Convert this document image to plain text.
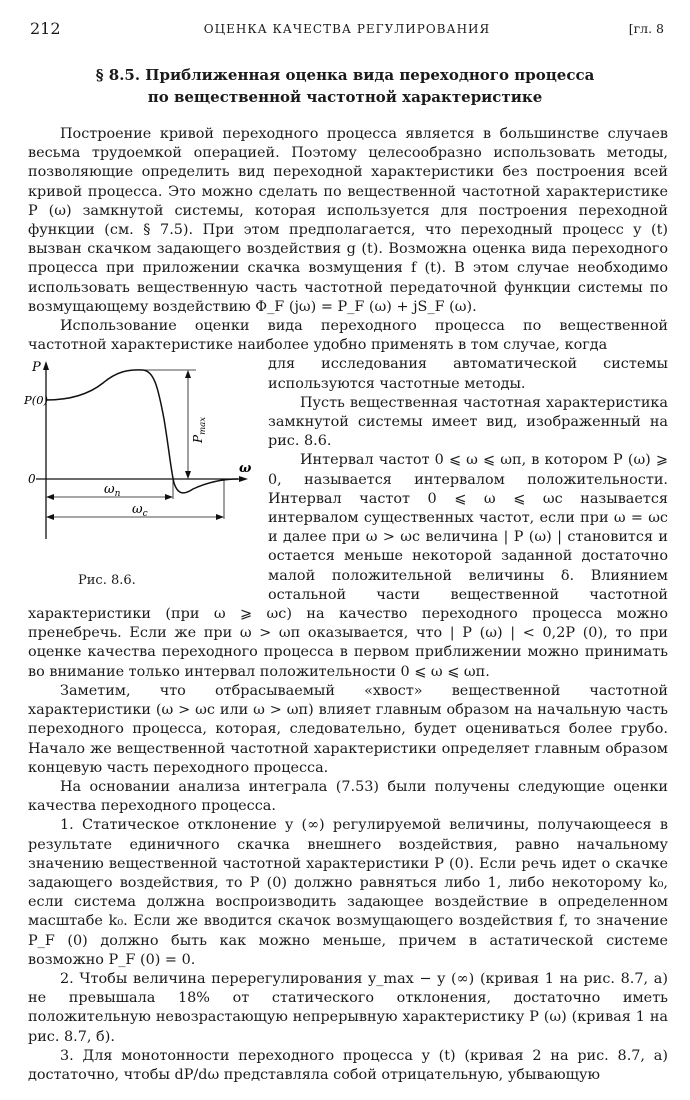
212	ОЦЕНКА КАЧЕСТВА РЕГУЛИРОВАНИЯ	[гл. 8
§ 8.5. Приближенная оценка вида переходного процесса
по вещественной частотной характеристике

Построение кривой переходного процесса является в большинстве случаев весьма трудоемкой операцией. Поэтому целесообразно использовать методы, позволяющие определить вид переходной характеристики без построения всей кривой процесса. Это можно сделать по вещественной частотной характеристике P (ω) замкнутой системы, которая используется для построения переходной функции (см. § 7.5). При этом предполагается, что переходный процесс y (t) вызван скачком задающего воздействия g (t). Возможна оценка вида переходного процесса при приложении скачка возмущения f (t). В этом случае необходимо использовать вещественную часть частотной передаточной функции системы по возмущающему воздействию Φ_F (jω) = P_F (ω) + jS_F (ω).

Использование оценки вида переходного процесса по вещественной частотной характеристике наиболее удобно применять в том случае, когда

P
P(0)
0
ω
$P_{max}$
$\omega_п$
$\omega_c$
Рис. 8.6.

для исследования автоматической системы используются частотные методы.

Пусть вещественная частотная характеристика замкнутой системы имеет вид, изображенный на рис. 8.6.

Интервал частот 0 ⩽ ω ⩽ ωп, в котором P (ω) ⩾ 0, называется интервалом положительности. Интервал частот 0 ⩽ ω ⩽ ωс называется интервалом существенных частот, если при ω = ωс и далее при ω > ωс величина | P (ω) | становится и остается меньше некоторой заданной достаточно малой положительной величины δ. Влиянием остальной части вещественной частотной характеристики (при ω ⩾ ωс) на качество переходного процесса можно пренебречь. Если же при ω > ωп оказывается, что | P (ω) | < 0,2P (0), то при оценке качества переходного процесса в первом приближении можно принимать во внимание только интервал положительности 0 ⩽ ω ⩽ ωп.

Заметим, что отбрасываемый «хвост» вещественной частотной характеристики (ω > ωс или ω > ωп) влияет главным образом на начальную часть переходного процесса, которая, следовательно, будет оцениваться более грубо. Начало же вещественной частотной характеристики определяет главным образом концевую часть переходного процесса.

На основании анализа интеграла (7.53) были получены следующие оценки качества переходного процесса.

1. Статическое отклонение y (∞) регулируемой величины, получающееся в результате единичного скачка внешнего воздействия, равно начальному значению вещественной частотной характеристики P (0). Если речь идет о скачке задающего воздействия, то P (0) должно равняться либо 1, либо некоторому k₀, если система должна воспроизводить задающее воздействие в определенном масштабе k₀. Если же вводится скачок возмущающего воздействия f, то значение P_F (0) должно быть как можно меньше, причем в астатической системе возможно P_F (0) = 0.

2. Чтобы величина перерегулирования y_max − y (∞) (кривая 1 на рис. 8.7, а) не превышала 18% от статического отклонения, достаточно иметь положительную невозрастающую непрерывную характеристику P (ω) (кривая 1 на рис. 8.7, б).

3. Для монотонности переходного процесса y (t) (кривая 2 на рис. 8.7, а) достаточно, чтобы dP/dω представляла собой отрицательную, убывающую
